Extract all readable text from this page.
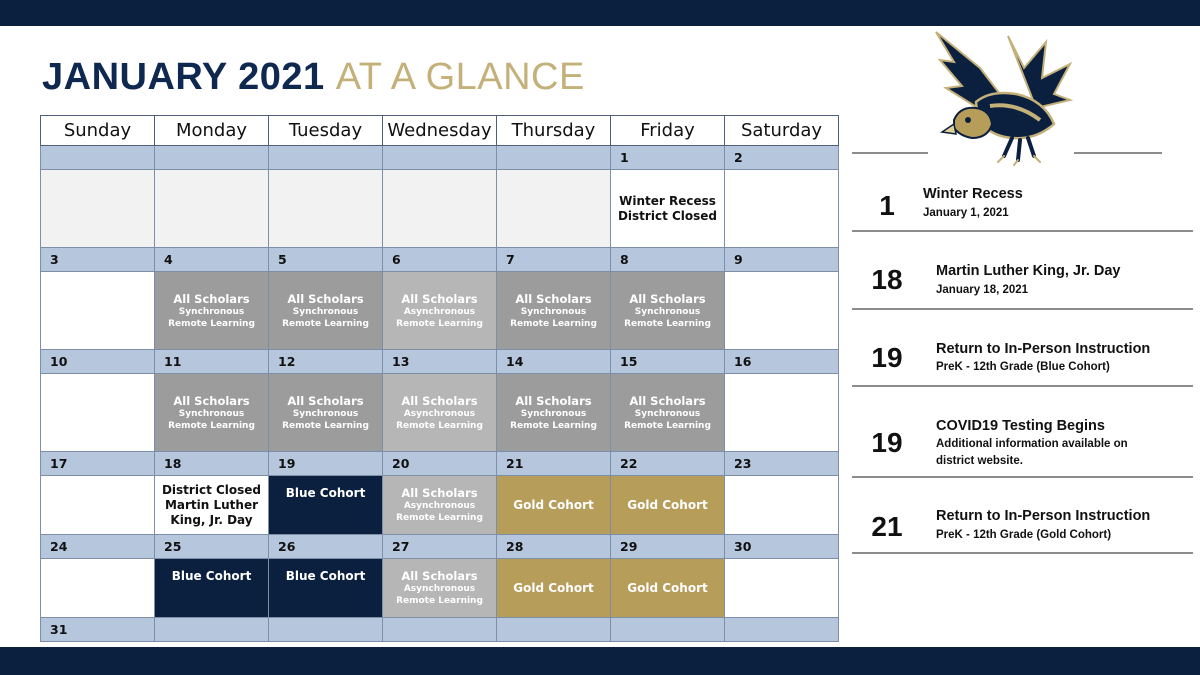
JANUARY 2021 AT A GLANCE
Sunday	Monday	Tuesday	Wednesday	Thursday	Friday	Saturday
					1	2

					Winter Recess
District Closed	

3	4	5	6	7	8	9

	All Scholars
Synchronous
Remote Learning	All Scholars
Synchronous
Remote Learning	All Scholars
Asynchronous
Remote Learning	All Scholars
Synchronous
Remote Learning	All Scholars
Synchronous
Remote Learning	

10	11	12	13	14	15	16

	All Scholars
Synchronous
Remote Learning	All Scholars
Synchronous
Remote Learning	All Scholars
Asynchronous
Remote Learning	All Scholars
Synchronous
Remote Learning	All Scholars
Synchronous
Remote Learning	

17	18	19	20	21	22	23

	District Closed
Martin Luther
King, Jr. Day	Blue Cohort	All Scholars
Asynchronous
Remote Learning	Gold Cohort	Gold Cohort	

24	25	26	27	28	29	30

	Blue Cohort	Blue Cohort	All Scholars
Asynchronous
Remote Learning	Gold Cohort	Gold Cohort	

31						
1	Winter Recess
January 1, 2021
18	Martin Luther King, Jr. Day
January 18, 2021
19	Return to In-Person Instruction
PreK - 12th Grade (Blue Cohort)
19
COVID19 Testing Begins
Additional information available on
district website.
21	Return to In-Person Instruction
PreK - 12th Grade (Gold Cohort)
